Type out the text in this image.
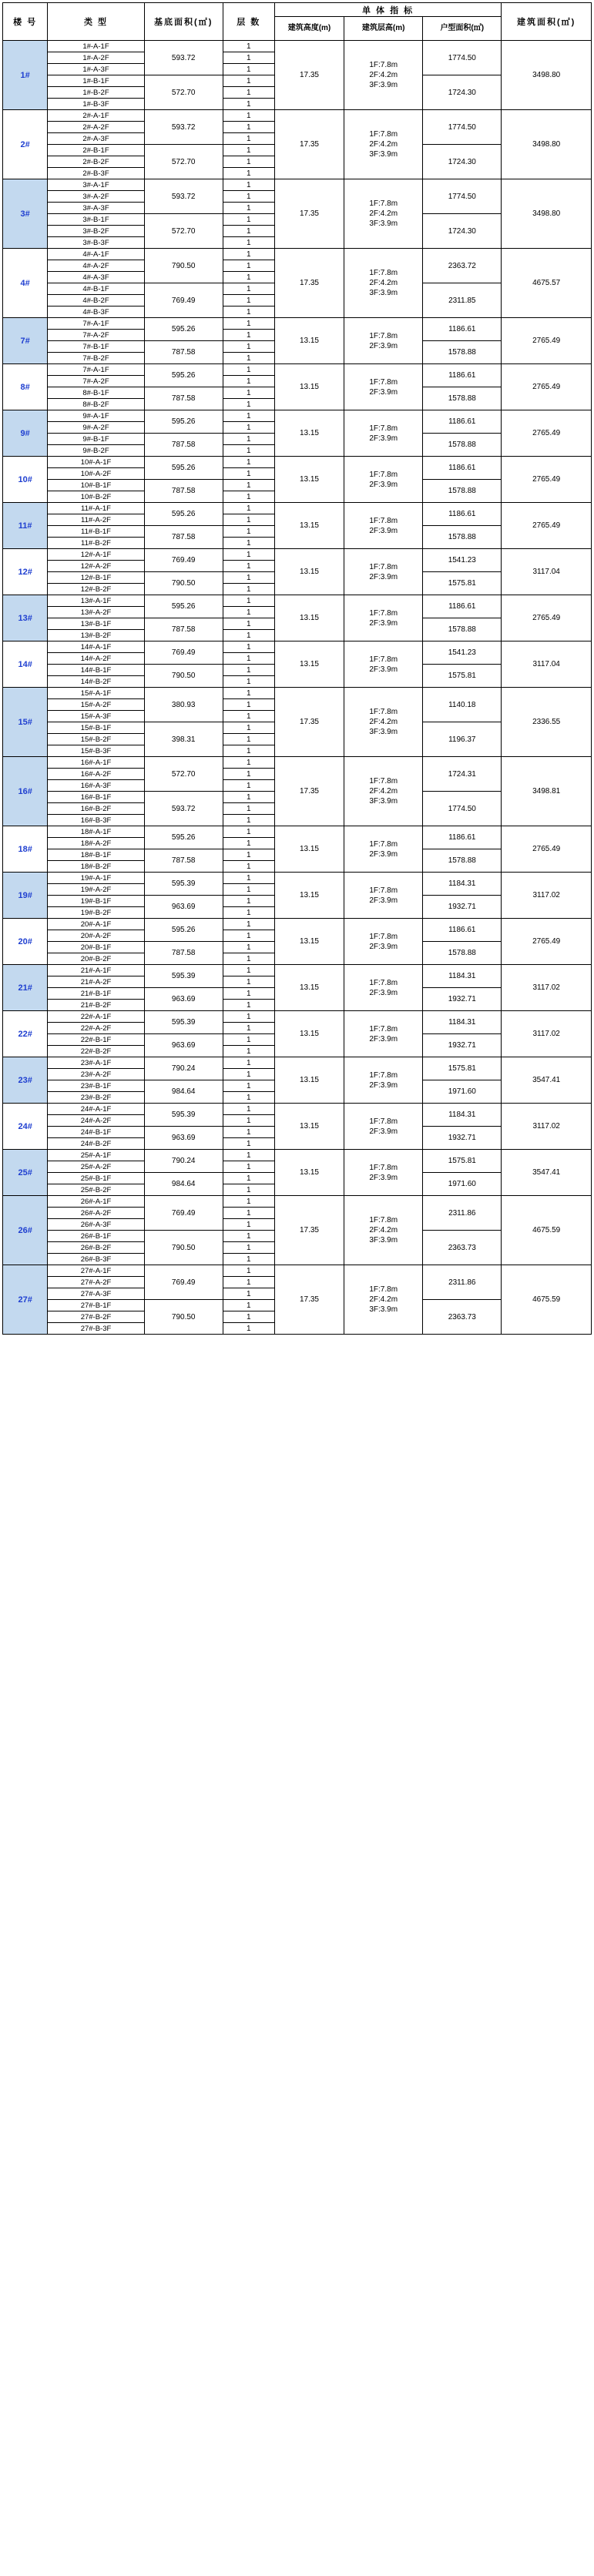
楼 号	类 型	基底面积(㎡)	层 数	单 体 指 标			建筑面积(㎡)
				建筑高度(m)	建筑层高(m)	户型面积(㎡)	
1#	1#-A-1F	593.72	1	17.35	1F:7.8m
2F:4.2m
3F:3.9m	1774.50	3498.80
	1#-A-2F		1				
	1#-A-3F		1				
	1#-B-1F	572.70	1			1724.30	
	1#-B-2F		1				
	1#-B-3F		1				
2#	2#-A-1F	593.72	1	17.35	1F:7.8m
2F:4.2m
3F:3.9m	1774.50	3498.80
	2#-A-2F		1				
	2#-A-3F		1				
	2#-B-1F	572.70	1			1724.30	
	2#-B-2F		1				
	2#-B-3F		1				
3#	3#-A-1F	593.72	1	17.35	1F:7.8m
2F:4.2m
3F:3.9m	1774.50	3498.80
	3#-A-2F		1				
	3#-A-3F		1				
	3#-B-1F	572.70	1			1724.30	
	3#-B-2F		1				
	3#-B-3F		1				
4#	4#-A-1F	790.50	1	17.35	1F:7.8m
2F:4.2m
3F:3.9m	2363.72	4675.57
	4#-A-2F		1				
	4#-A-3F		1				
	4#-B-1F	769.49	1			2311.85	
	4#-B-2F		1				
	4#-B-3F		1				
7#	7#-A-1F	595.26	1	13.15	1F:7.8m
2F:3.9m	1186.61	2765.49
	7#-A-2F		1				
	7#-B-1F	787.58	1			1578.88	
	7#-B-2F		1				
8#	7#-A-1F	595.26	1	13.15	1F:7.8m
2F:3.9m	1186.61	2765.49
	7#-A-2F		1				
	8#-B-1F	787.58	1			1578.88	
	8#-B-2F		1				
9#	9#-A-1F	595.26	1	13.15	1F:7.8m
2F:3.9m	1186.61	2765.49
	9#-A-2F		1				
	9#-B-1F	787.58	1			1578.88	
	9#-B-2F		1				
10#	10#-A-1F	595.26	1	13.15	1F:7.8m
2F:3.9m	1186.61	2765.49
	10#-A-2F		1				
	10#-B-1F	787.58	1			1578.88	
	10#-B-2F		1				
11#	11#-A-1F	595.26	1	13.15	1F:7.8m
2F:3.9m	1186.61	2765.49
	11#-A-2F		1				
	11#-B-1F	787.58	1			1578.88	
	11#-B-2F		1				
12#	12#-A-1F	769.49	1	13.15	1F:7.8m
2F:3.9m	1541.23	3117.04
	12#-A-2F		1				
	12#-B-1F	790.50	1			1575.81	
	12#-B-2F		1				
13#	13#-A-1F	595.26	1	13.15	1F:7.8m
2F:3.9m	1186.61	2765.49
	13#-A-2F		1				
	13#-B-1F	787.58	1			1578.88	
	13#-B-2F		1				
14#	14#-A-1F	769.49	1	13.15	1F:7.8m
2F:3.9m	1541.23	3117.04
	14#-A-2F		1				
	14#-B-1F	790.50	1			1575.81	
	14#-B-2F		1				
15#	15#-A-1F	380.93	1	17.35	1F:7.8m
2F:4.2m
3F:3.9m	1140.18	2336.55
	15#-A-2F		1				
	15#-A-3F		1				
	15#-B-1F	398.31	1			1196.37	
	15#-B-2F		1				
	15#-B-3F		1				
16#	16#-A-1F	572.70	1	17.35	1F:7.8m
2F:4.2m
3F:3.9m	1724.31	3498.81
	16#-A-2F		1				
	16#-A-3F		1				
	16#-B-1F	593.72	1			1774.50	
	16#-B-2F		1				
	16#-B-3F		1				
18#	18#-A-1F	595.26	1	13.15	1F:7.8m
2F:3.9m	1186.61	2765.49
	18#-A-2F		1				
	18#-B-1F	787.58	1			1578.88	
	18#-B-2F		1				
19#	19#-A-1F	595.39	1	13.15	1F:7.8m
2F:3.9m	1184.31	3117.02
	19#-A-2F		1				
	19#-B-1F	963.69	1			1932.71	
	19#-B-2F		1				
20#	20#-A-1F	595.26	1	13.15	1F:7.8m
2F:3.9m	1186.61	2765.49
	20#-A-2F		1				
	20#-B-1F	787.58	1			1578.88	
	20#-B-2F		1				
21#	21#-A-1F	595.39	1	13.15	1F:7.8m
2F:3.9m	1184.31	3117.02
	21#-A-2F		1				
	21#-B-1F	963.69	1			1932.71	
	21#-B-2F		1				
22#	22#-A-1F	595.39	1	13.15	1F:7.8m
2F:3.9m	1184.31	3117.02
	22#-A-2F		1				
	22#-B-1F	963.69	1			1932.71	
	22#-B-2F		1				
23#	23#-A-1F	790.24	1	13.15	1F:7.8m
2F:3.9m	1575.81	3547.41
	23#-A-2F		1				
	23#-B-1F	984.64	1			1971.60	
	23#-B-2F		1				
24#	24#-A-1F	595.39	1	13.15	1F:7.8m
2F:3.9m	1184.31	3117.02
	24#-A-2F		1				
	24#-B-1F	963.69	1			1932.71	
	24#-B-2F		1				
25#	25#-A-1F	790.24	1	13.15	1F:7.8m
2F:3.9m	1575.81	3547.41
	25#-A-2F		1				
	25#-B-1F	984.64	1			1971.60	
	25#-B-2F		1				
26#	26#-A-1F	769.49	1	17.35	1F:7.8m
2F:4.2m
3F:3.9m	2311.86	4675.59
	26#-A-2F		1				
	26#-A-3F		1				
	26#-B-1F	790.50	1			2363.73	
	26#-B-2F		1				
	26#-B-3F		1				
27#	27#-A-1F	769.49	1	17.35	1F:7.8m
2F:4.2m
3F:3.9m	2311.86	4675.59
	27#-A-2F		1				
	27#-A-3F		1				
	27#-B-1F	790.50	1			2363.73	
	27#-B-2F		1				
	27#-B-3F		1				
